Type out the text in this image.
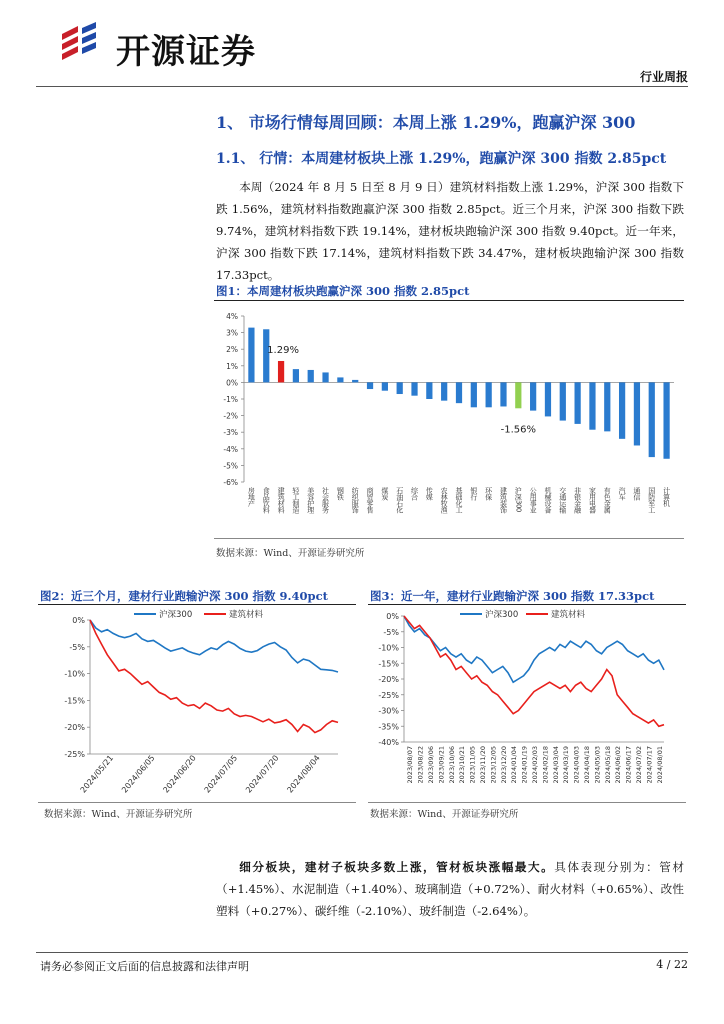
开源证券
行业周报
1、 市场行情每周回顾：本周上涨 1.29%，跑赢沪深 300
1.1、 行情：本周建材板块上涨 1.29%，跑赢沪深 300 指数 2.85pct

本周（2024 年 8 月 5 日至 8 月 9 日）建筑材料指数上涨 1.29%，沪深 300 指数下跌 1.56%，建筑材料指数跑赢沪深 300 指数 2.85pct。近三个月来，沪深 300 指数下跌 9.74%，建筑材料指数下跌 19.14%，建材板块跑输沪深 300 指数 9.40pct。近一年来，沪深 300 指数下跌 17.14%，建筑材料指数下跌 34.47%，建材板块跑输沪深 300 指数 17.33pct。

图1：本周建材板块跑赢沪深 300 指数 2.85pct
4%
3%
2%
1%
0%
-1%
-2%
-3%
-4%
-5%
-6%
房地产 食品饮料 建筑材料 轻工制造 美容护理 社会服务 钢铁 纺织服饰 商贸零售 煤炭 石油石化 综合 传媒 农林牧渔 基础化工 银行 环保 建筑装饰 沪深300 公用事业 机械设备 交通运输 非银金融 家用电器 有色金属 汽车 通信 国防军工 计算机
1.29%
-1.56%
数据来源：Wind、开源证券研究所
图2：近三个月，建材行业跑输沪深 300 指数 9.40pct
0%
-5%
-10%
-15%
-20%
-25%
2024/05/21 2024/06/05 2024/06/20 2024/07/05 2024/07/20 2024/08/04
沪深300	建筑材料
数据来源：Wind、开源证券研究所
图3：近一年，建材行业跑输沪深 300 指数 17.33pct
0%
-5%
-10%
-15%
-20%
-25%
-30%
-35%
-40%
2023/08/07 2023/08/22 2023/09/06 2023/09/21 2023/10/06 2023/10/21 2023/11/05 2023/11/20 2023/12/05 2023/12/20 2024/01/04 2024/01/19 2024/02/03 2024/02/18 2024/03/04 2024/03/19 2024/04/03 2024/04/18 2024/05/03 2024/05/18 2024/06/02 2024/06/17 2024/07/02 2024/07/17 2024/08/01
沪深300	建筑材料
数据来源：Wind、开源证券研究所

细分板块，建材子板块多数上涨，管材板块涨幅最大。具体表现分别为：管材（+1.45%）、水泥制造（+1.40%）、玻璃制造（+0.72%）、耐火材料（+0.65%）、改性塑料（+0.27%）、碳纤维（-2.10%）、玻纤制造（-2.64%）。

请务必参阅正文后面的信息披露和法律声明	4 / 22
